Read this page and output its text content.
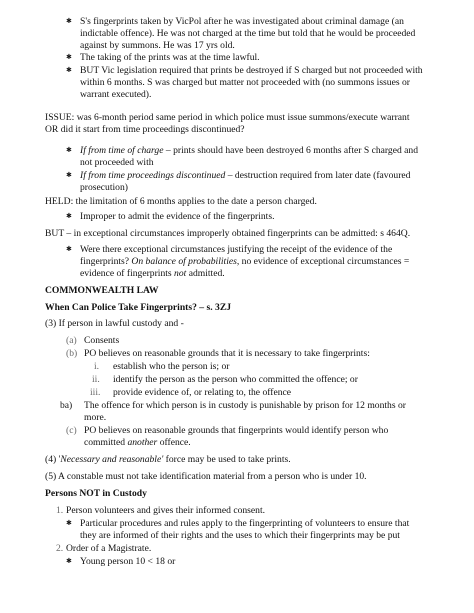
✱ S's fingerprints taken by VicPol after he was investigated about criminal damage (an
indictable offence). He was not charged at the time but told that he would be proceeded
against by summons. He was 17 yrs old.
✱ The taking of the prints was at the time lawful.
✱ BUT Vic legislation required that prints be destroyed if S charged but not proceeded with
within 6 months. S was charged but matter not proceeded with (no summons issues or
warrant executed).
ISSUE: was 6-month period same period in which police must issue summons/execute warrant
OR did it start from time proceedings discontinued?
✱ If from time of charge – prints should have been destroyed 6 months after S charged and
not proceeded with
✱ If from time proceedings discontinued – destruction required from later date (favoured
prosecution)
HELD: the limitation of 6 months applies to the date a person charged.
✱ Improper to admit the evidence of the fingerprints.
BUT – in exceptional circumstances improperly obtained fingerprints can be admitted: s 464Q.
✱ Were there exceptional circumstances justifying the receipt of the evidence of the
fingerprints? On balance of probabilities, no evidence of exceptional circumstances =
evidence of fingerprints not admitted.
COMMONWEALTH LAW
When Can Police Take Fingerprints? – s. 3ZJ
(3) If person in lawful custody and -
(a) Consents
(b) PO believes on reasonable grounds that it is necessary to take fingerprints:
i. establish who the person is; or
ii. identify the person as the person who committed the offence; or
iii. provide evidence of, or relating to, the offence
ba) The offence for which person is in custody is punishable by prison for 12 months or
more.
(c) PO believes on reasonable grounds that fingerprints would identify person who
committed another offence.
(4) 'Necessary and reasonable' force may be used to take prints.
(5) A constable must not take identification material from a person who is under 10.
Persons NOT in Custody
1. Person volunteers and gives their informed consent.
✱ Particular procedures and rules apply to the fingerprinting of volunteers to ensure that
they are informed of their rights and the uses to which their fingerprints may be put
2. Order of a Magistrate.
✱ Young person 10 < 18 or
